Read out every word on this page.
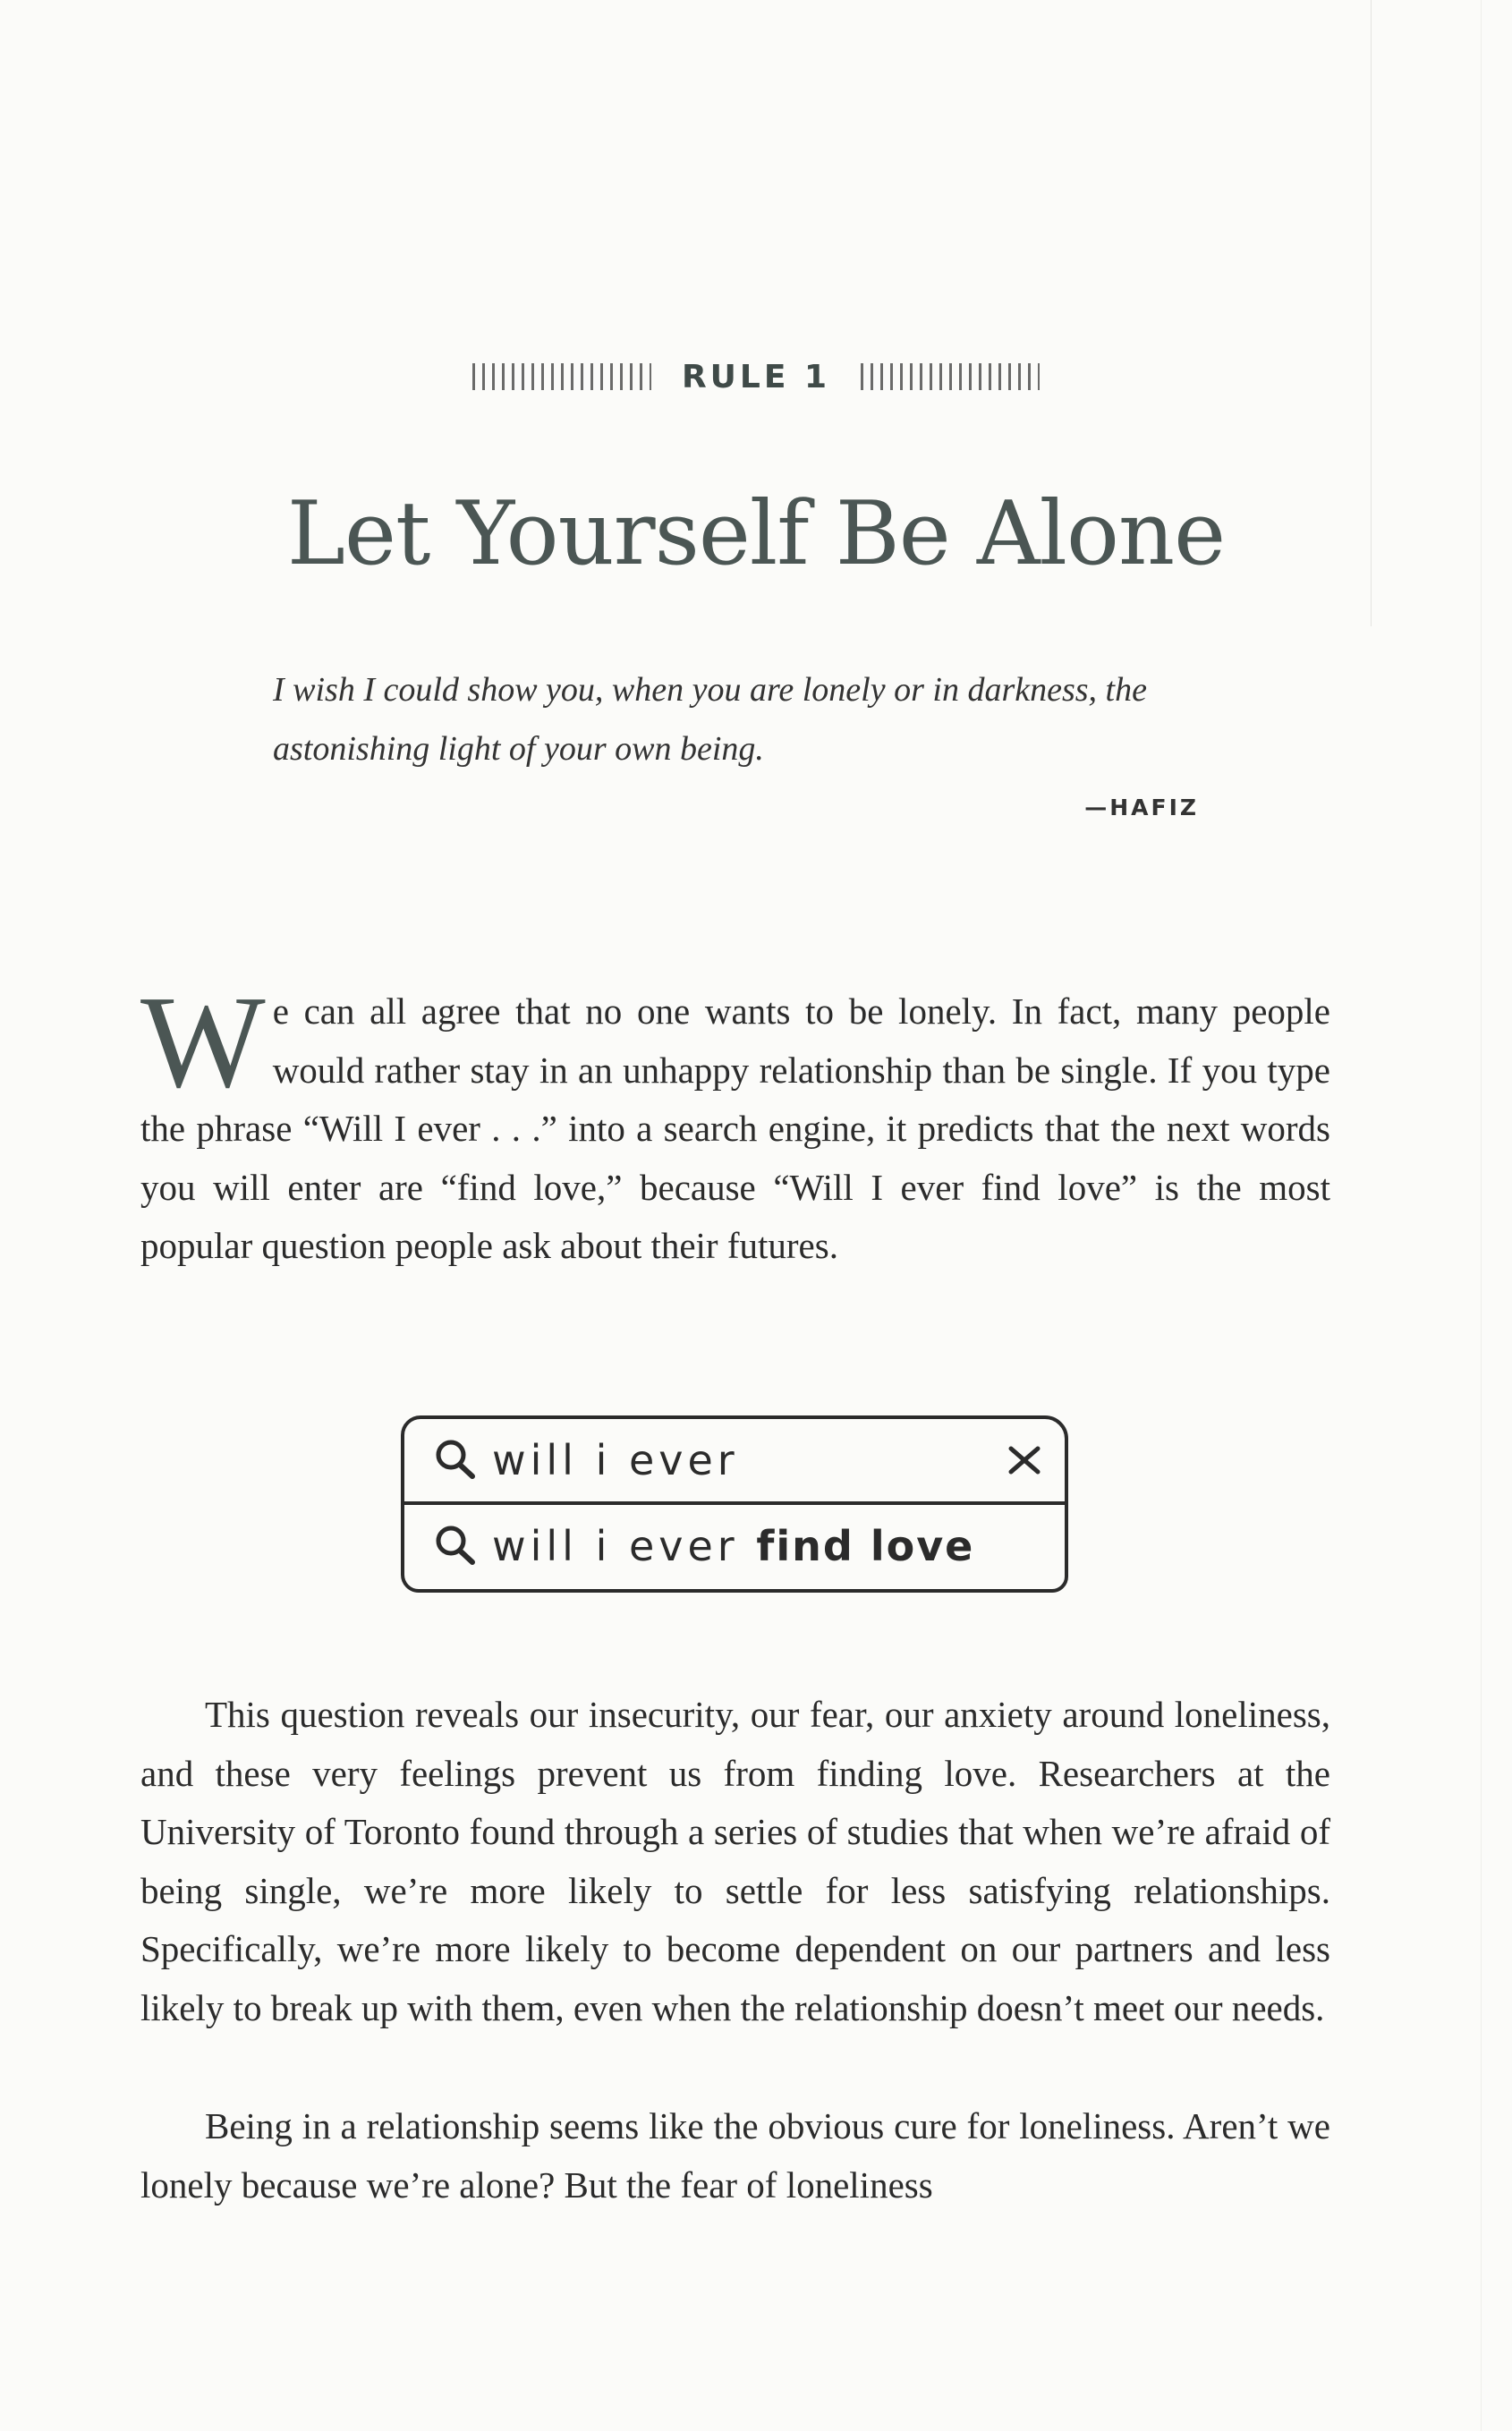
RULE 1
Let Yourself Be Alone

I wish I could show you, when you are lonely or in darkness, the astonishing light of your own being.

—HAFIZ

We can all agree that no one wants to be lonely. In fact, many people would rather stay in an unhappy relationship than be single. If you type the phrase “Will I ever . . .” into a search engine, it predicts that the next words you will enter are “find love,” because “Will I ever find love” is the most popular question people ask about their futures.

will i ever
will i ever find love

This question reveals our insecurity, our fear, our anxiety around loneliness, and these very feelings prevent us from finding love. Researchers at the University of Toronto found through a series of studies that when we’re afraid of being single, we’re more likely to settle for less satisfying relationships. Specifically, we’re more likely to become dependent on our partners and less likely to break up with them, even when the relationship doesn’t meet our needs.

Being in a relationship seems like the obvious cure for loneliness. Aren’t we lonely because we’re alone? But the fear of loneliness
